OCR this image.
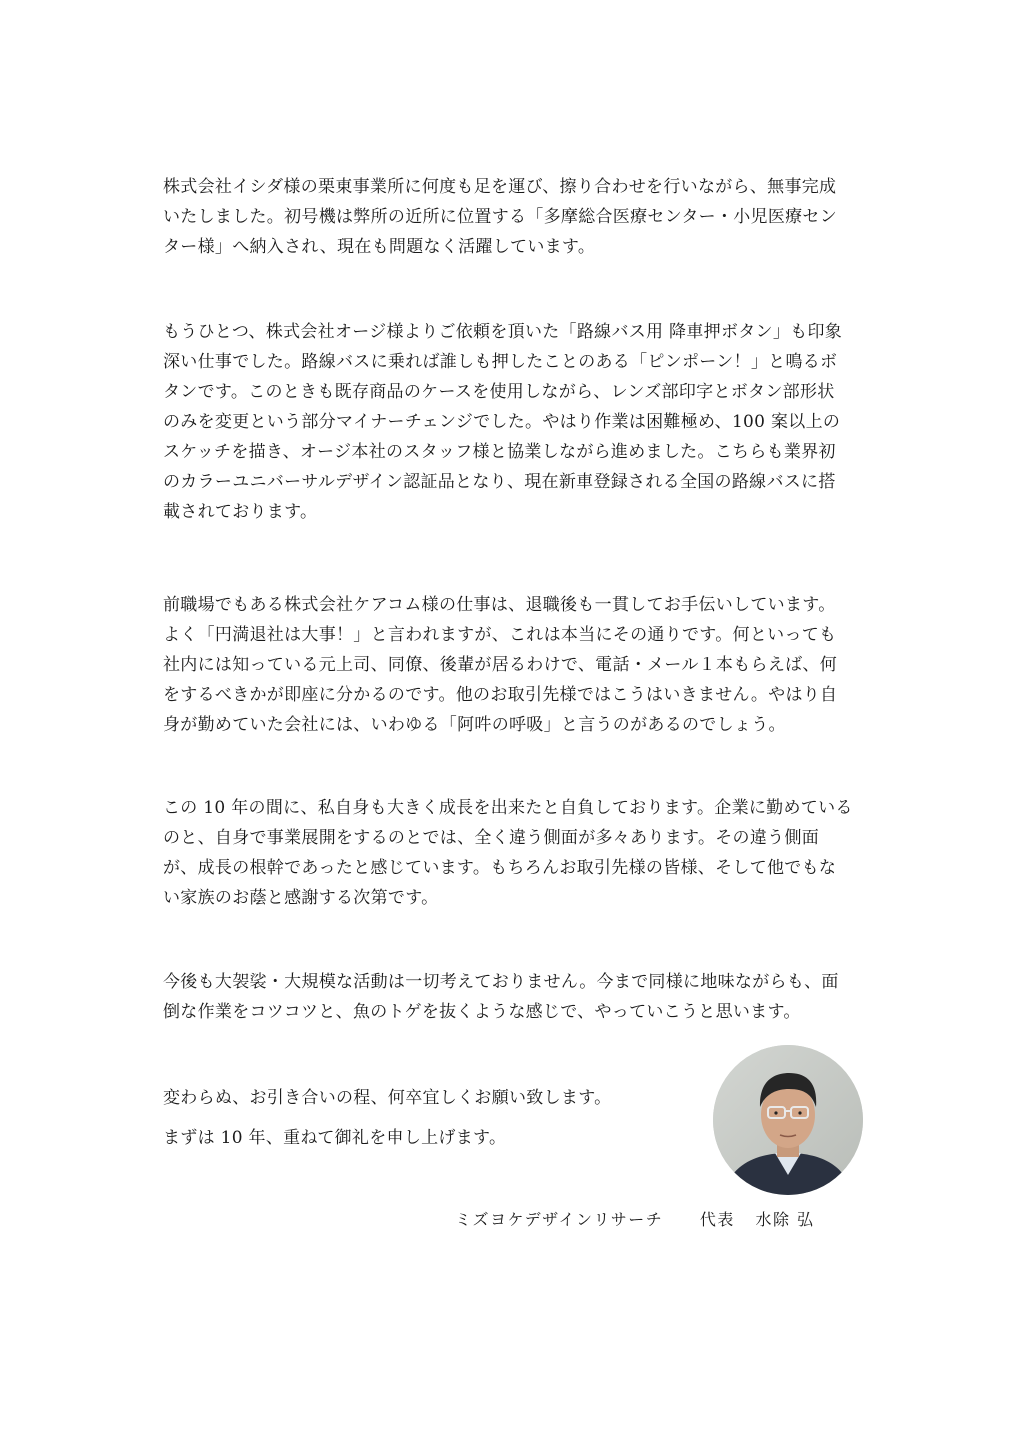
株式会社イシダ様の栗東事業所に何度も足を運び、擦り合わせを行いながら、無事完成
いたしました。初号機は弊所の近所に位置する「多摩総合医療センター・小児医療セン
ター様」へ納入され、現在も問題なく活躍しています。

もうひとつ、株式会社オージ様よりご依頼を頂いた「路線バス用 降車押ボタン」も印象
深い仕事でした。路線バスに乗れば誰しも押したことのある「ピンポーン！」と鳴るボ
タンです。このときも既存商品のケースを使用しながら、レンズ部印字とボタン部形状
のみを変更という部分マイナーチェンジでした。やはり作業は困難極め、100 案以上の
スケッチを描き、オージ本社のスタッフ様と協業しながら進めました。こちらも業界初
のカラーユニバーサルデザイン認証品となり、現在新車登録される全国の路線バスに搭
載されております。

前職場でもある株式会社ケアコム様の仕事は、退職後も一貫してお手伝いしています。
よく「円満退社は大事！」と言われますが、これは本当にその通りです。何といっても
社内には知っている元上司、同僚、後輩が居るわけで、電話・メール１本もらえば、何
をするべきかが即座に分かるのです。他のお取引先様ではこうはいきません。やはり自
身が勤めていた会社には、いわゆる「阿吽の呼吸」と言うのがあるのでしょう。

この 10 年の間に、私自身も大きく成長を出来たと自負しております。企業に勤めている
のと、自身で事業展開をするのとでは、全く違う側面が多々あります。その違う側面
が、成長の根幹であったと感じています。もちろんお取引先様の皆様、そして他でもな
い家族のお蔭と感謝する次第です。

今後も大袈裟・大規模な活動は一切考えておりません。今まで同様に地味ながらも、面
倒な作業をコツコツと、魚のトゲを抜くような感じで、やっていこうと思います。

変わらぬ、お引き合いの程、何卒宜しくお願い致します。
まずは 10 年、重ねて御礼を申し上げます。

ミズヨケデザインリサーチ 代表 水除 弘
